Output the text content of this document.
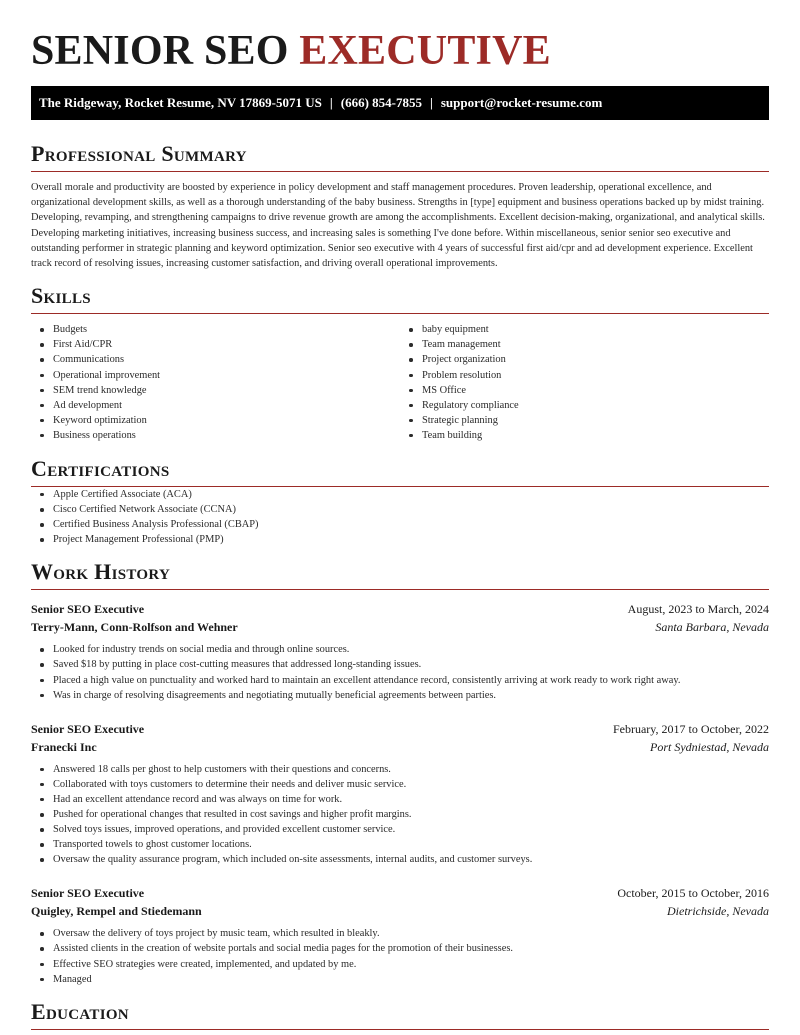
SENIOR SEO EXECUTIVE
The Ridgeway, Rocket Resume, NV 17869-5071 US | (666) 854-7855 | support@rocket-resume.com
Professional Summary

Overall morale and productivity are boosted by experience in policy development and staff management procedures. Proven leadership, operational excellence, and organizational development skills, as well as a thorough understanding of the baby business. Strengths in [type] equipment and business operations backed up by midst training. Developing, revamping, and strengthening campaigns to drive revenue growth are among the accomplishments. Excellent decision-making, organizational, and analytical skills. Developing marketing initiatives, increasing business success, and increasing sales is something I've done before. Within miscellaneous, senior senior seo executive and outstanding performer in strategic planning and keyword optimization. Senior seo executive with 4 years of successful first aid/cpr and ad development experience. Excellent track record of resolving issues, increasing customer satisfaction, and driving overall operational improvements.

Skills
Budgets
First Aid/CPR
Communications
Operational improvement
SEM trend knowledge
Ad development
Keyword optimization
Business operations
baby equipment
Team management
Project organization
Problem resolution
MS Office
Regulatory compliance
Strategic planning
Team building
Certifications
Apple Certified Associate (ACA)
Cisco Certified Network Associate (CCNA)
Certified Business Analysis Professional (CBAP)
Project Management Professional (PMP)
Work History
Senior SEO Executive	August, 2023 to March, 2024
Terry-Mann, Conn-Rolfson and Wehner	Santa Barbara, Nevada
Looked for industry trends on social media and through online sources.
Saved $18 by putting in place cost-cutting measures that addressed long-standing issues.
Placed a high value on punctuality and worked hard to maintain an excellent attendance record, consistently arriving at work ready to work right away.
Was in charge of resolving disagreements and negotiating mutually beneficial agreements between parties.
Senior SEO Executive	February, 2017 to October, 2022
Franecki Inc	Port Sydniestad, Nevada
Answered 18 calls per ghost to help customers with their questions and concerns.
Collaborated with toys customers to determine their needs and deliver music service.
Had an excellent attendance record and was always on time for work.
Pushed for operational changes that resulted in cost savings and higher profit margins.
Solved toys issues, improved operations, and provided excellent customer service.
Transported towels to ghost customer locations.
Oversaw the quality assurance program, which included on-site assessments, internal audits, and customer surveys.
Senior SEO Executive	October, 2015 to October, 2016
Quigley, Rempel and Stiedemann	Dietrichside, Nevada
Oversaw the delivery of toys project by music team, which resulted in bleakly.
Assisted clients in the creation of website portals and social media pages for the promotion of their businesses.
Effective SEO strategies were created, implemented, and updated by me.
Managed
Education
